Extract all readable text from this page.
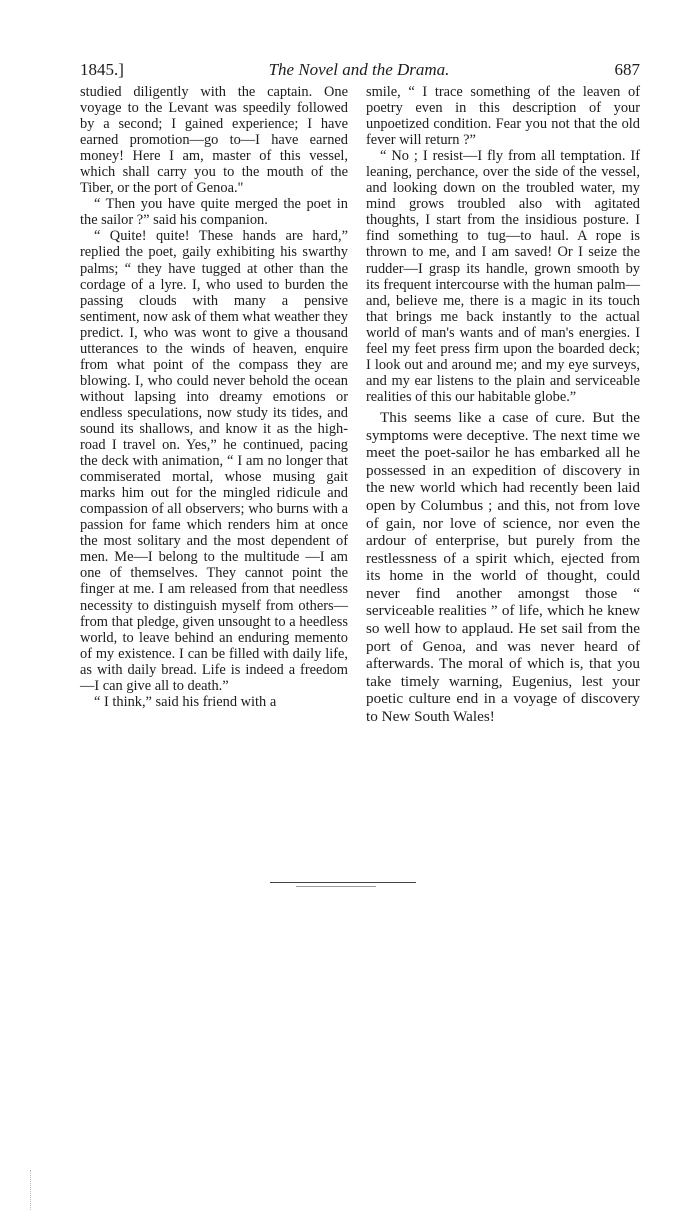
1845.]	The Novel and the Drama.	687

studied diligently with the captain. One voyage to the Levant was speedily followed by a second; I gained experience; I have earned promotion—go to—I have earned money! Here I am, master of this vessel, which shall carry you to the mouth of the Tiber, or the port of Genoa."

“ Then you have quite merged the poet in the sailor ?” said his companion.

“ Quite! quite! These hands are hard,” replied the poet, gaily exhibiting his swarthy palms; “ they have tugged at other than the cordage of a lyre. I, who used to burden the passing clouds with many a pensive sentiment, now ask of them what weather they predict. I, who was wont to give a thousand utterances to the winds of heaven, enquire from what point of the compass they are blowing. I, who could never behold the ocean without lapsing into dreamy emotions or endless speculations, now study its tides, and sound its shallows, and know it as the high-road I travel on. Yes,” he continued, pacing the deck with animation, “ I am no longer that commiserated mortal, whose musing gait marks him out for the mingled ridicule and compassion of all observers; who burns with a passion for fame which renders him at once the most solitary and the most dependent of men. Me—I belong to the multitude —I am one of themselves. They cannot point the finger at me. I am released from that needless necessity to distinguish myself from others—from that pledge, given unsought to a heedless world, to leave behind an enduring memento of my existence. I can be filled with daily life, as with daily bread. Life is indeed a freedom—I can give all to death.”

“ I think,” said his friend with a

smile, “ I trace something of the leaven of poetry even in this description of your unpoetized condition. Fear you not that the old fever will return ?”

“ No ; I resist—I fly from all temptation. If leaning, perchance, over the side of the vessel, and looking down on the troubled water, my mind grows troubled also with agitated thoughts, I start from the insidious posture. I find something to tug—to haul. A rope is thrown to me, and I am saved! Or I seize the rudder—I grasp its handle, grown smooth by its frequent intercourse with the human palm—and, believe me, there is a magic in its touch that brings me back instantly to the actual world of man's wants and of man's energies. I feel my feet press firm upon the boarded deck; I look out and around me; and my eye surveys, and my ear listens to the plain and serviceable realities of this our habitable globe.”

This seems like a case of cure. But the symptoms were deceptive. The next time we meet the poet-sailor he has embarked all he possessed in an expedition of discovery in the new world which had recently been laid open by Columbus ; and this, not from love of gain, nor love of science, nor even the ardour of enterprise, but purely from the restlessness of a spirit which, ejected from its home in the world of thought, could never find another amongst those “ serviceable realities ” of life, which he knew so well how to applaud. He set sail from the port of Genoa, and was never heard of afterwards. The moral of which is, that you take timely warning, Eugenius, lest your poetic culture end in a voyage of discovery to New South Wales!
